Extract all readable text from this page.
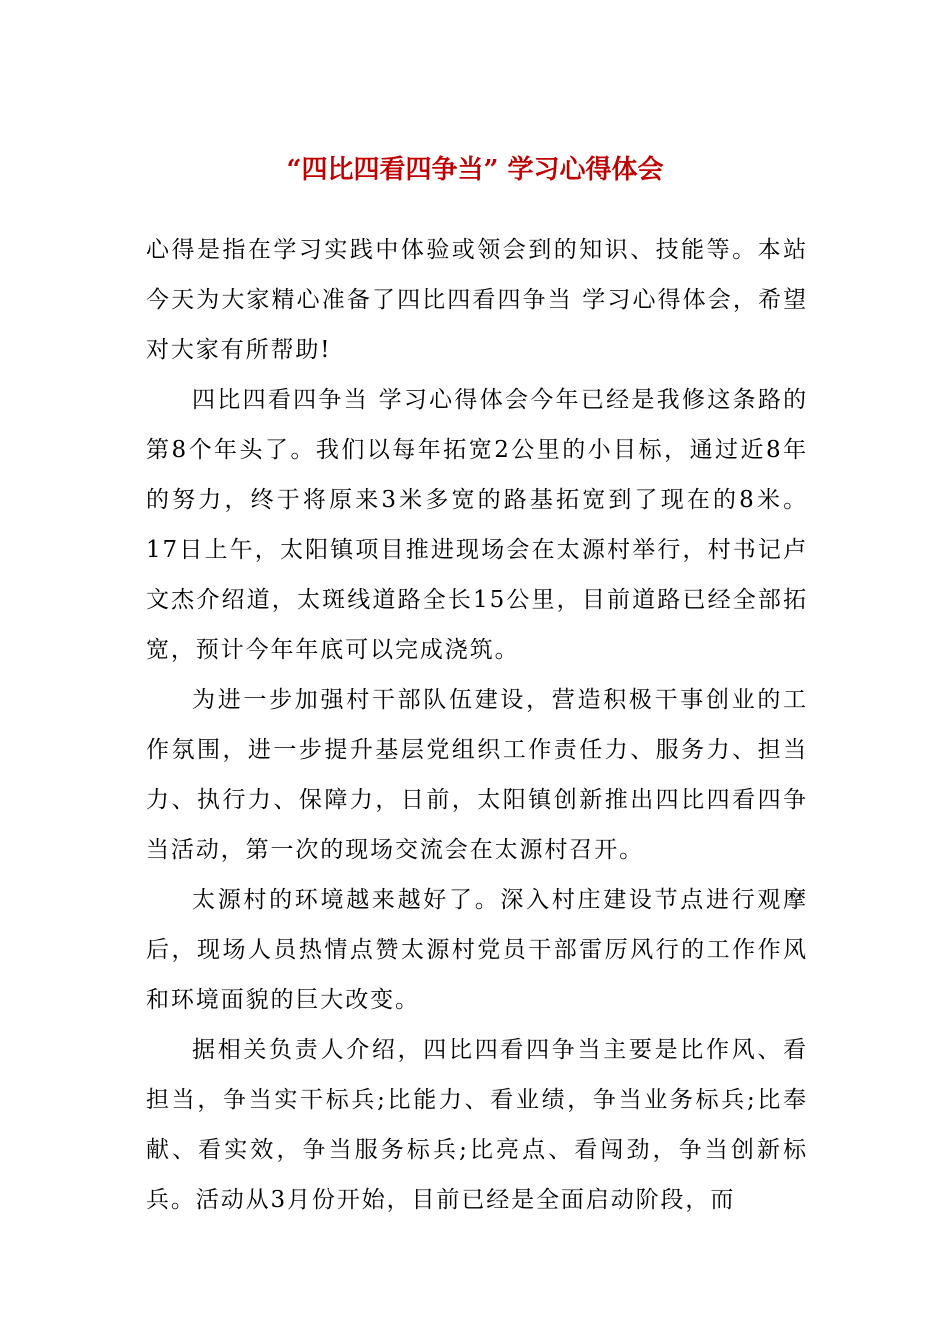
“四比四看四争当” 学习心得体会

心得是指在学习实践中体验或领会到的知识、技能等。本站今天为大家精心准备了四比四看四争当 学习心得体会，希望对大家有所帮助!

四比四看四争当 学习心得体会今年已经是我修这条路的第8个年头了。我们以每年拓宽2公里的小目标，通过近8年的努力，终于将原来3米多宽的路基拓宽到了现在的8米。17日上午，太阳镇项目推进现场会在太源村举行，村书记卢文杰介绍道，太斑线道路全长15公里，目前道路已经全部拓宽，预计今年年底可以完成浇筑。

为进一步加强村干部队伍建设，营造积极干事创业的工作氛围，进一步提升基层党组织工作责任力、服务力、担当力、执行力、保障力，日前，太阳镇创新推出四比四看四争当活动，第一次的现场交流会在太源村召开。

太源村的环境越来越好了。深入村庄建设节点进行观摩后，现场人员热情点赞太源村党员干部雷厉风行的工作作风和环境面貌的巨大改变。

据相关负责人介绍，四比四看四争当主要是比作风、看担当，争当实干标兵;比能力、看业绩，争当业务标兵;比奉献、看实效，争当服务标兵;比亮点、看闯劲，争当创新标兵。活动从3月份开始，目前已经是全面启动阶段，而
